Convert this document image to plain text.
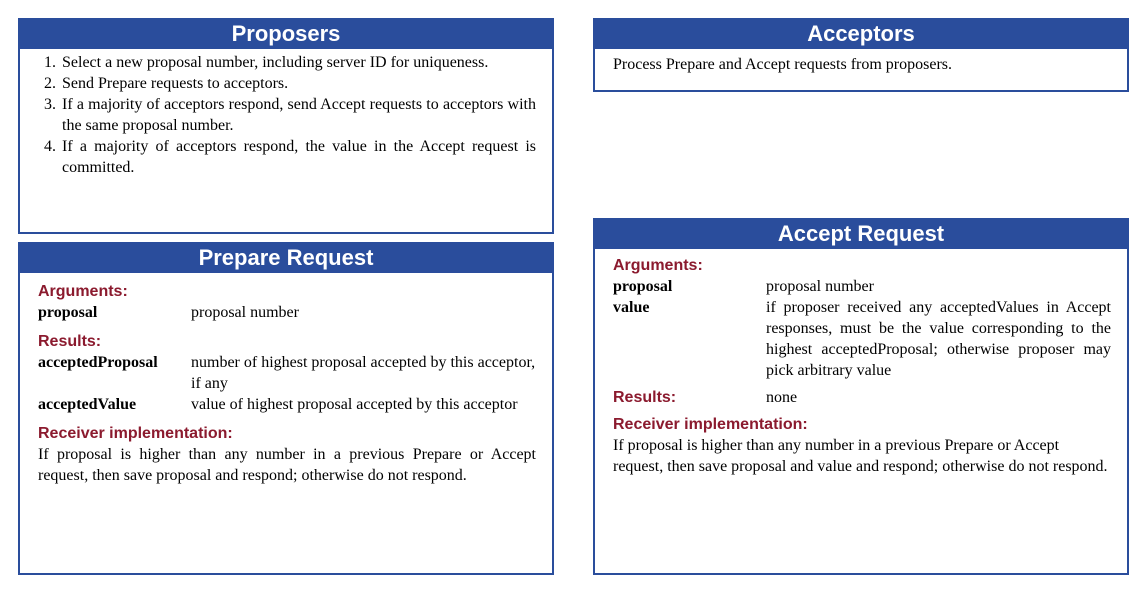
Proposers
1. Select a new proposal number, including server ID for uniqueness.
2. Send Prepare requests to acceptors.
3. If a majority of acceptors respond, send Accept requests to acceptors with the same proposal number.
4. If a majority of acceptors respond, the value in the Accept request is committed.
Acceptors
Process Prepare and Accept requests from proposers.
Prepare Request
Arguments:
proposal	proposal number
Results:
acceptedProposal	number of highest proposal accepted by this acceptor, if any
acceptedValue	value of highest proposal accepted by this acceptor
Receiver implementation:
If proposal is higher than any number in a previous Prepare or Accept request, then save proposal and respond; otherwise do not respond.
Accept Request
Arguments:
proposal	proposal number
value	if proposer received any acceptedValues in Accept responses, must be the value corresponding to the highest acceptedProposal; otherwise proposer may pick arbitrary value
Results:	none
Receiver implementation:
If proposal is higher than any number in a previous Prepare or Accept request, then save proposal and value and respond; otherwise do not respond.
